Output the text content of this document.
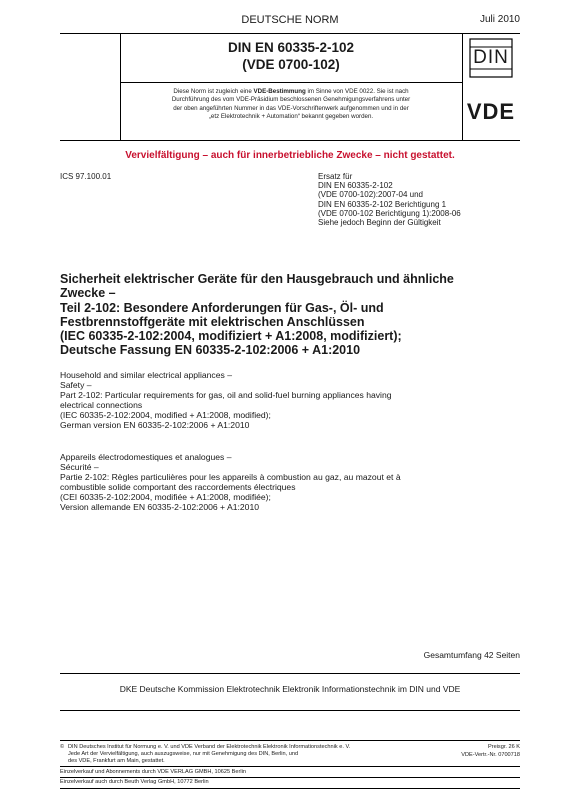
DEUTSCHE NORM	Juli 2010
DIN EN 60335-2-102
(VDE 0700-102)	DIN
VDE
Diese Norm ist zugleich eine VDE-Bestimmung im Sinne von VDE 0022. Sie ist nach
Durchführung des vom VDE-Präsidium beschlossenen Genehmigungsverfahrens unter
der oben angeführten Nummer in das VDE-Vorschriftenwerk aufgenommen und in der
„etz Elektrotechnik + Automation“ bekannt gegeben worden.
Vervielfältigung – auch für innerbetriebliche Zwecke – nicht gestattet.
ICS 97.100.01	Ersatz für
DIN EN 60335-2-102
(VDE 0700-102):2007-04 und
DIN EN 60335-2-102 Berichtigung 1
(VDE 0700-102 Berichtigung 1):2008-06
Siehe jedoch Beginn der Gültigkeit
Sicherheit elektrischer Geräte für den Hausgebrauch und ähnliche
Zwecke –
Teil 2-102: Besondere Anforderungen für Gas-, Öl- und
Festbrennstoffgeräte mit elektrischen Anschlüssen
(IEC 60335-2-102:2004, modifiziert + A1:2008, modifiziert);
Deutsche Fassung EN 60335-2-102:2006 + A1:2010
Household and similar electrical appliances –
Safety –
Part 2-102: Particular requirements for gas, oil and solid-fuel burning appliances having
electrical connections
(IEC 60335-2-102:2004, modified + A1:2008, modified);
German version EN 60335-2-102:2006 + A1:2010
Appareils électrodomestiques et analogues –
Sécurité –
Partie 2-102: Règles particulières pour les appareils à combustion au gaz, au mazout et à
combustible solide comportant des raccordements électriques
(CEI 60335-2-102:2004, modifiée + A1:2008, modifiée);
Version allemande EN 60335-2-102:2006 + A1:2010
Gesamtumfang 42 Seiten
DKE Deutsche Kommission Elektrotechnik Elektronik Informationstechnik im DIN und VDE
© DIN Deutsches Institut für Normung e. V. und VDE Verband der Elektrotechnik Elektronik Informationstechnik e. V.
Jede Art der Vervielfältigung, auch auszugsweise, nur mit Genehmigung des DIN, Berlin, und
des VDE, Frankfurt am Main, gestattet.
Preisgr. 26 K
VDE-Vertr.-Nr. 0700718
Einzelverkauf und Abonnements durch VDE VERLAG GMBH, 10625 Berlin
Einzelverkauf auch durch Beuth Verlag GmbH, 10772 Berlin
